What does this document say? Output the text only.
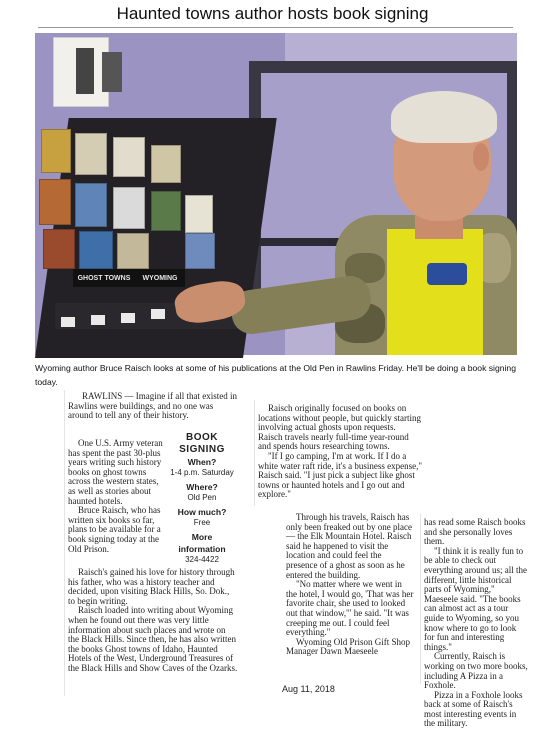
Haunted towns author hosts book signing
GHOST TOWNS	WYOMING
Wyoming author Bruce Raisch looks at some of his publications at the Old Pen in Rawlins Friday. He'll be doing a book signing today.

RAWLINS — Imagine if all that existed in Rawlins were buildings, and no one was around to tell any of their history.

One U.S. Army veteran has spent the past 30-plus years writing such history books on ghost towns across the western states, as well as stories about haunted hotels.

Bruce Raisch, who has written six books so far, plans to be available for a book signing today at the Old Prison.

BOOK
SIGNING
When?
1-4 p.m. Saturday
Where?
Old Pen
How much?
Free
More
information
324-4422

Raisch's gained his love for history through his father, who was a history teacher and decided, upon visiting Black Hills, So. Dok., to begin writing.

Raisch loaded into writing about Wyoming when he found out there was very little information about such places and wrote on the Black Hills. Since then, he has also written the books Ghost towns of Idaho, Haunted Hotels of the West, Underground Treasures of the Black Hills and Show Caves of the Ozarks.

Raisch originally focused on books on locations without people, but quickly starting involving actual ghosts upon requests. Raisch travels nearly full-time year-round and spends hours researching towns.

"If I go camping, I'm at work. If I do a white water raft ride, it's a business expense," Raisch said. "I just pick a subject like ghost towns or haunted hotels and I go out and explore."

Through his travels, Raisch has only been freaked out by one place — the Elk Mountain Hotel. Raisch said he happened to visit the location and could feel the presence of a ghost as soon as he entered the building.

"No matter where we went in the hotel, I would go, 'That was her favorite chair, she used to looked out that window,'" he said. "It was creeping me out. I could feel everything."

Wyoming Old Prison Gift Shop Manager Dawn Maeseele

has read some Raisch books and she personally loves them.

"I think it is really fun to be able to check out everything around us; all the different, little historical parts of Wyoming," Maeseele said. "The books can almost act as a tour guide to Wyoming, so you know where to go to look for fun and interesting things."

Currently, Raisch is working on two more books, including A Pizza in a Foxhole.

Pizza in a Foxhole looks back at some of Raisch's most interesting events in the military.

Aug 11, 2018
